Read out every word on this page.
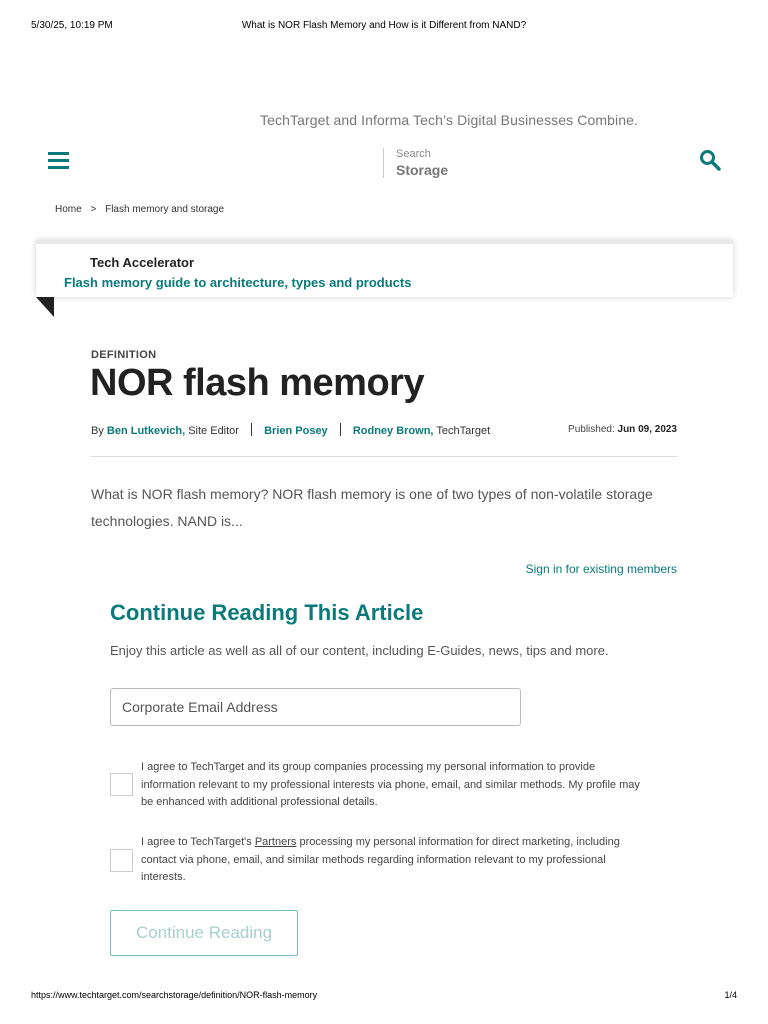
5/30/25, 10:19 PM	What is NOR Flash Memory and How is it Different from NAND?
TechTarget and Informa Tech’s Digital Businesses Combine.
Search
Storage
Home > Flash memory and storage
Tech Accelerator
Flash memory guide to architecture, types and products
DEFINITION
NOR flash memory
By Ben Lutkevich, Site Editor Brien Posey Rodney Brown, TechTarget	Published: Jun 09, 2023

What is NOR flash memory? NOR flash memory is one of two types of non-volatile storage technologies. NAND is...

Sign in for existing members
Continue Reading This Article

Enjoy this article as well as all of our content, including E-Guides, news, tips and more.

Corporate Email Address

I agree to TechTarget and its group companies processing my personal information to provide information relevant to my professional interests via phone, email, and similar methods. My profile may be enhanced with additional professional details.

I agree to TechTarget's Partners processing my personal information for direct marketing, including contact via phone, email, and similar methods regarding information relevant to my professional interests.

Continue Reading
https://www.techtarget.com/searchstorage/definition/NOR-flash-memory	1/4
